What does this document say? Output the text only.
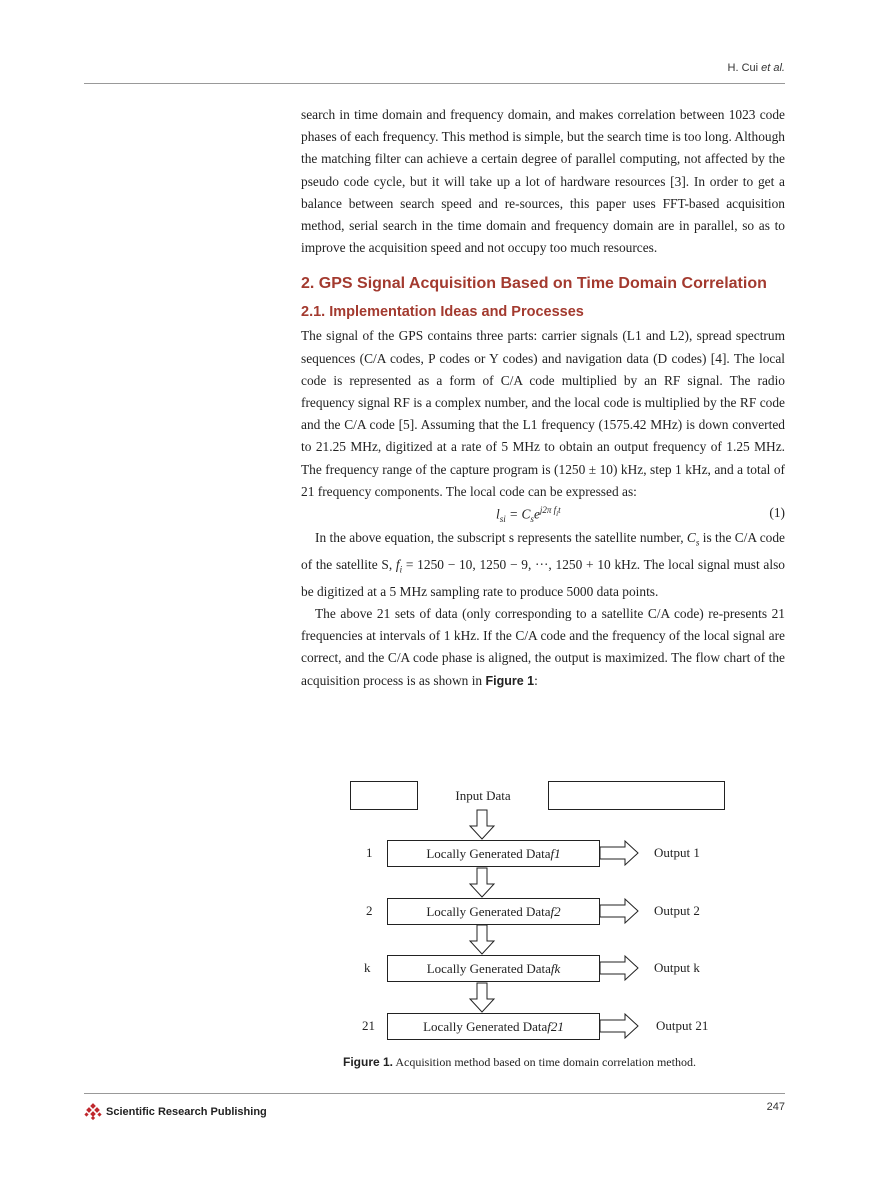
H. Cui et al.

search in time domain and frequency domain, and makes correlation between 1023 code phases of each frequency. This method is simple, but the search time is too long. Although the matching filter can achieve a certain degree of parallel computing, not affected by the pseudo code cycle, but it will take up a lot of hardware resources [3]. In order to get a balance between search speed and re-sources, this paper uses FFT-based acquisition method, serial search in the time domain and frequency domain are in parallel, so as to improve the acquisition speed and not occupy too much resources.

2. GPS Signal Acquisition Based on Time Domain Correlation
2.1. Implementation Ideas and Processes

The signal of the GPS contains three parts: carrier signals (L1 and L2), spread spectrum sequences (C/A codes, P codes or Y codes) and navigation data (D codes) [4]. The local code is represented as a form of C/A code multiplied by an RF signal. The radio frequency signal RF is a complex number, and the local code is multiplied by the RF code and the C/A code [5]. Assuming that the L1 frequency (1575.42 MHz) is down converted to 21.25 MHz, digitized at a rate of 5 MHz to obtain an output frequency of 1.25 MHz. The frequency range of the capture program is (1250 ± 10) kHz, step 1 kHz, and a total of 21 frequency components. The local code can be expressed as:

$l_{si} = C_se^{j2\pi f_it}$	(1)

In the above equation, the subscript s represents the satellite number, $C_s$ is the C/A code of the satellite S, $f_i = 1250 - 10$, 1250 − 9, ···, 1250 + 10 kHz. The local signal must also be digitized at a 5 MHz sampling rate to produce 5000 data points.

The above 21 sets of data (only corresponding to a satellite C/A code) re-presents 21 frequencies at intervals of 1 kHz. If the C/A code and the frequency of the local signal are correct, and the C/A code phase is aligned, the output is maximized. The flow chart of the acquisition process is as shown in Figure 1:

Input Data
1	Locally Generated Data f1	Output 1
2	Locally Generated Data f2	Output 2
k	Locally Generated Data fk	Output k
21	Locally Generated Data f21	Output 21
Figure 1. Acquisition method based on time domain correlation method.
Scientific Research Publishing	247
